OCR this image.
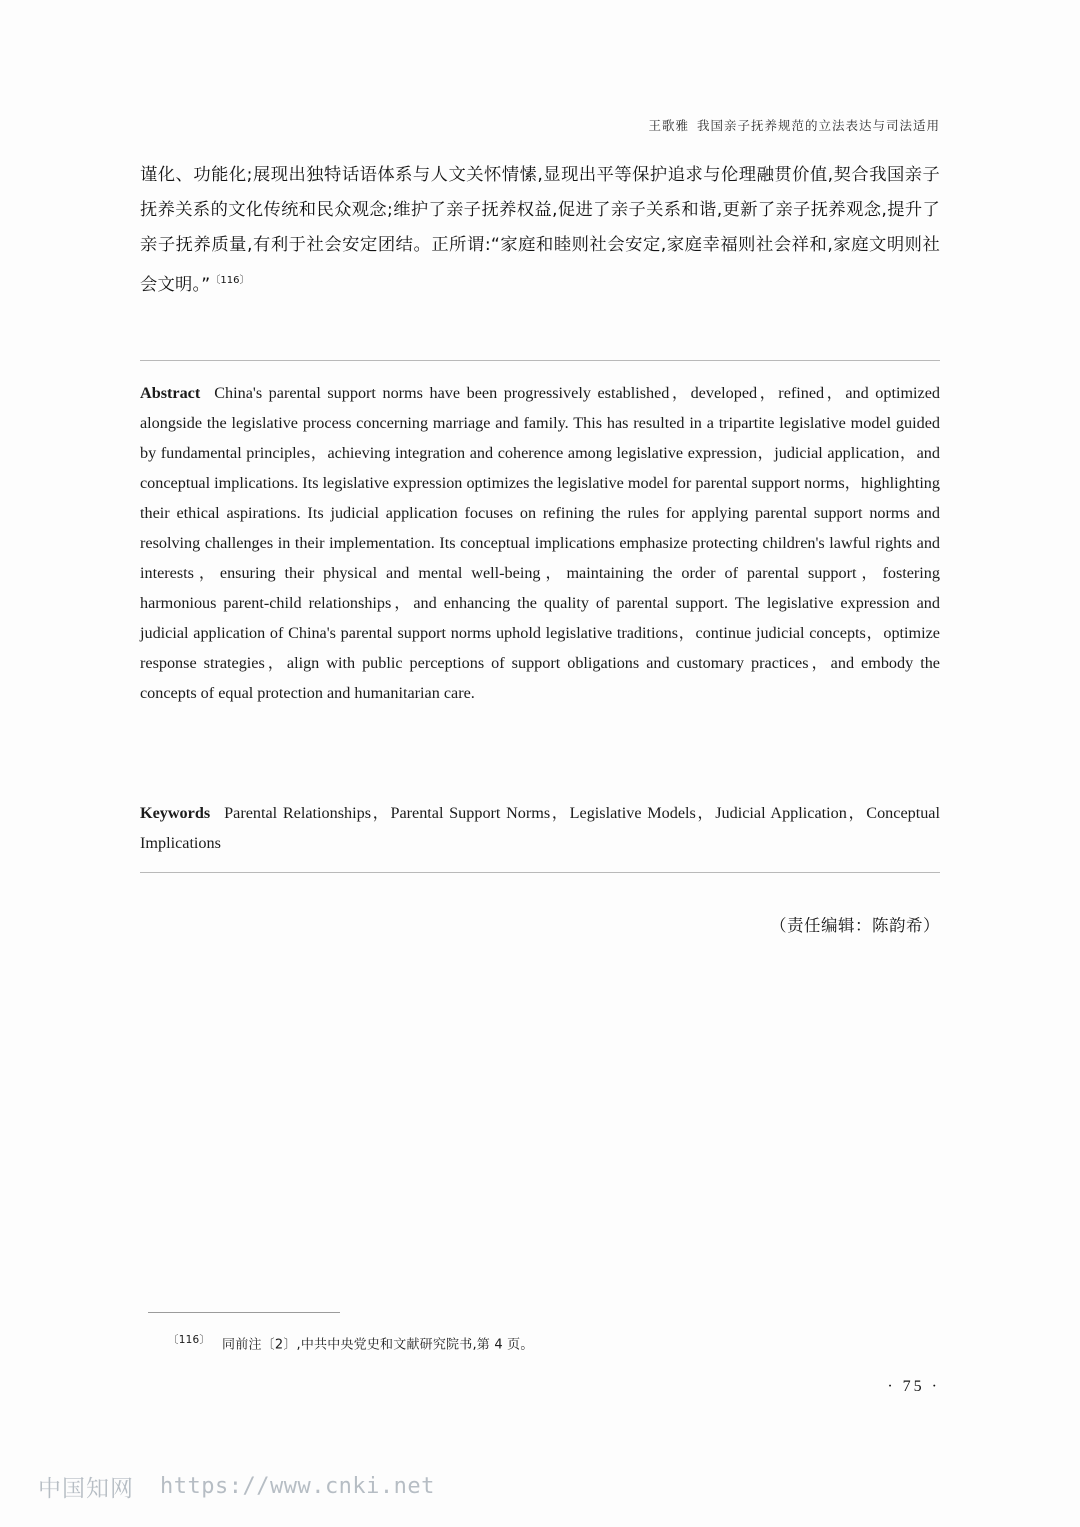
王歌雅 我国亲子抚养规范的立法表达与司法适用
谨化、功能化;展现出独特话语体系与人文关怀情愫,显现出平等保护追求与伦理融贯价值,契合我国亲子抚养关系的文化传统和民众观念;维护了亲子抚养权益,促进了亲子关系和谐,更新了亲子抚养观念,提升了亲子抚养质量,有利于社会安定团结。正所谓:“家庭和睦则社会安定,家庭幸福则社会祥和,家庭文明则社会文明。”$^{〔116〕}$
Abstract China's parental support norms have been progressively established，developed，refined，and optimized alongside the legislative process concerning marriage and family. This has resulted in a tripartite legislative model guided by fundamental principles，achieving integration and coherence among legislative expression，judicial application，and conceptual implications. Its legislative expression optimizes the legislative model for parental support norms，highlighting their ethical aspirations. Its judicial application focuses on refining the rules for applying parental support norms and resolving challenges in their implementation. Its conceptual implications emphasize protecting children's lawful rights and interests，ensuring their physical and mental well-being，maintaining the order of parental support，fostering harmonious parent-child relationships，and enhancing the quality of parental support. The legislative expression and judicial application of China's parental support norms uphold legislative traditions，continue judicial concepts，optimize response strategies，align with public perceptions of support obligations and customary practices，and embody the concepts of equal protection and humanitarian care.
Keywords Parental Relationships，Parental Support Norms，Legislative Models，Judicial Application，Conceptual Implications
（责任编辑：陈韵希）
$^{〔116〕}$ 同前注〔2〕,中共中央党史和文献研究院书,第 4 页。
· 75 ·
中国知网 https://www.cnki.net
